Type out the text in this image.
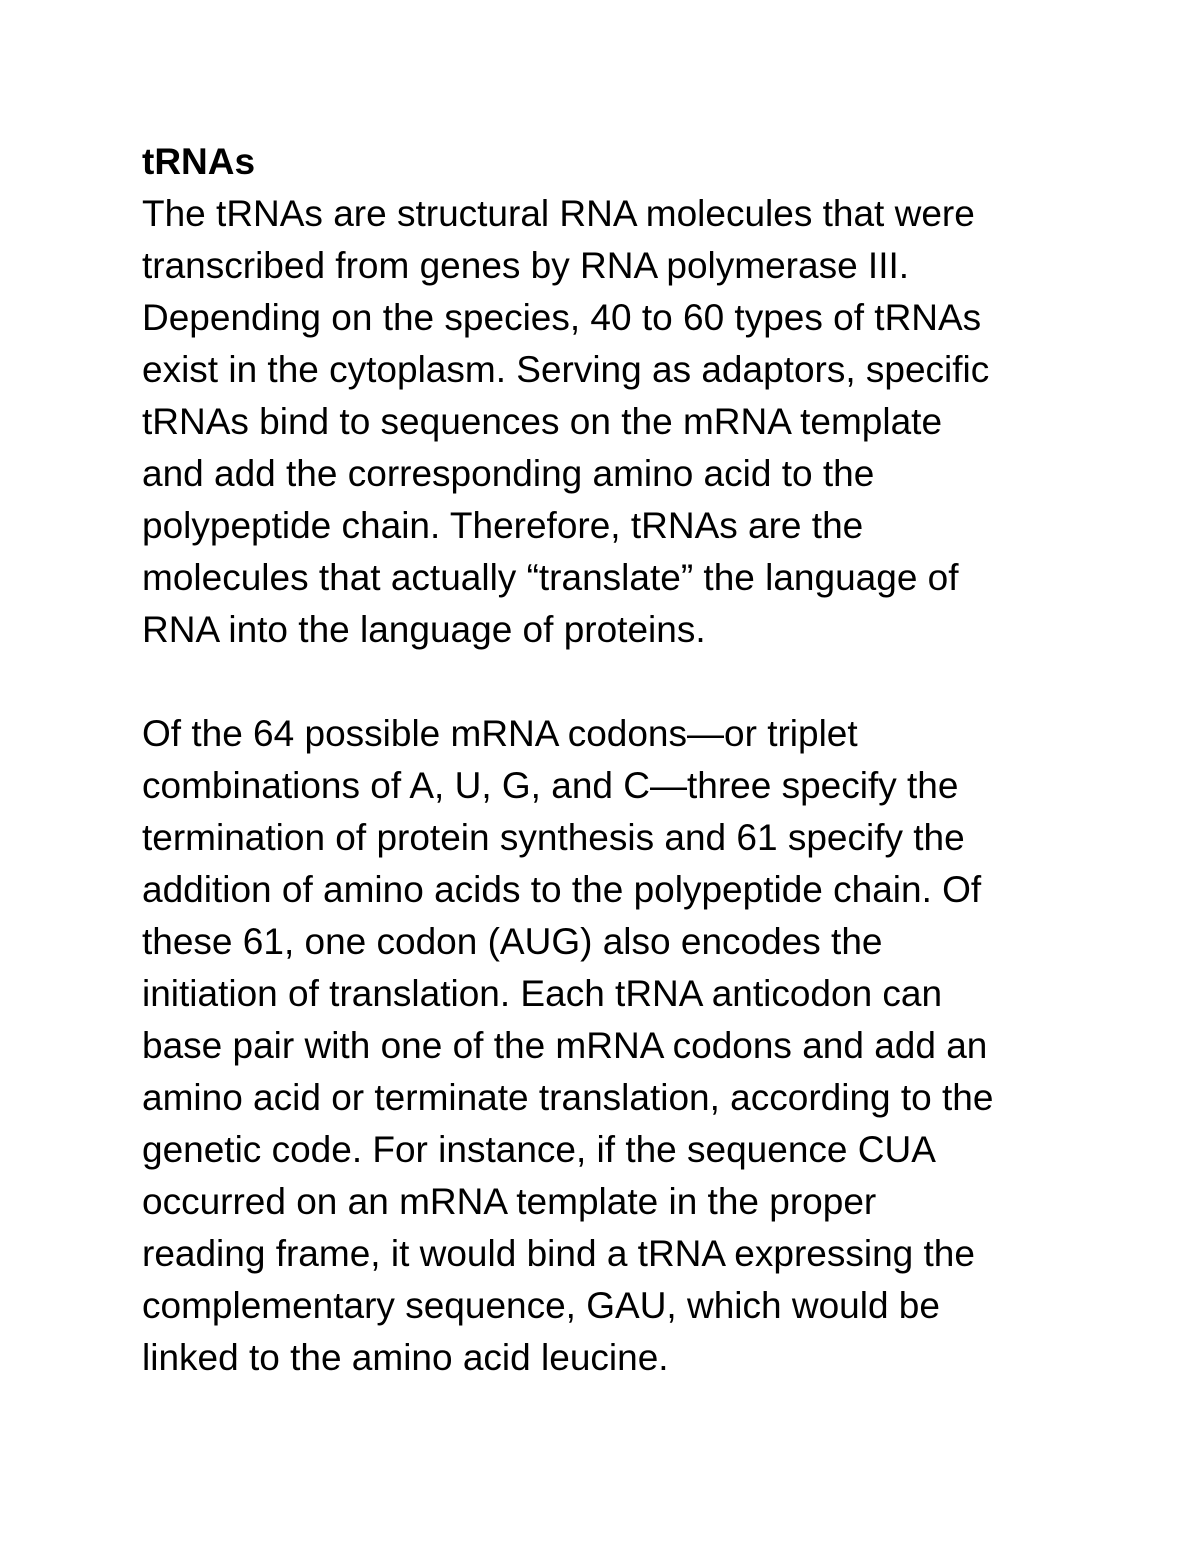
tRNAs
The tRNAs are structural RNA molecules that were
transcribed from genes by RNA polymerase III.
Depending on the species, 40 to 60 types of tRNAs
exist in the cytoplasm. Serving as adaptors, specific
tRNAs bind to sequences on the mRNA template
and add the corresponding amino acid to the
polypeptide chain. Therefore, tRNAs are the
molecules that actually “translate” the language of
RNA into the language of proteins.
Of the 64 possible mRNA codons—or triplet
combinations of A, U, G, and C—three specify the
termination of protein synthesis and 61 specify the
addition of amino acids to the polypeptide chain. Of
these 61, one codon (AUG) also encodes the
initiation of translation. Each tRNA anticodon can
base pair with one of the mRNA codons and add an
amino acid or terminate translation, according to the
genetic code. For instance, if the sequence CUA
occurred on an mRNA template in the proper
reading frame, it would bind a tRNA expressing the
complementary sequence, GAU, which would be
linked to the amino acid leucine.
